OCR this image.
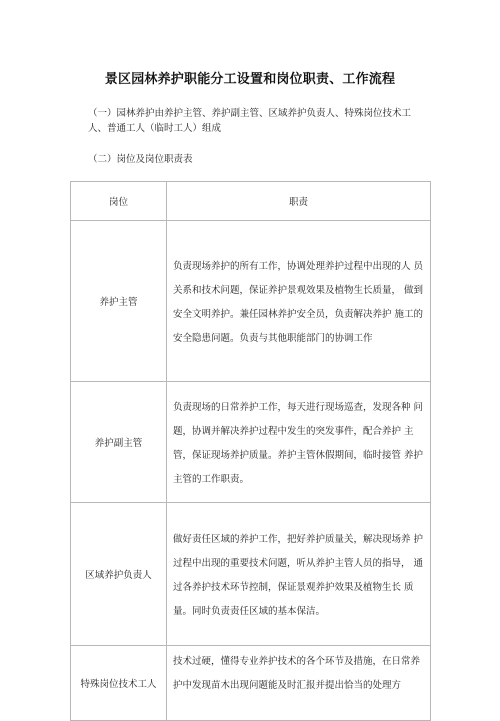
景区园林养护职能分工设置和岗位职责、工作流程
（一）园林养护由养护主管、养护副主管、区域养护负责人、特殊岗位技术工人、普通工人（临时工人）组成
（二）岗位及岗位职责表
岗位	职责
养护主管	负责现场养护的所有工作，协调处理养护过程中出现的人 员关系和技术问题，保证养护景观效果及植物生长质量， 做到安全文明养护。兼任园林养护安全员，负责解决养护 施工的安全隐患问题。负责与其他职能部门的协调工作
养护副主管	负责现场的日常养护工作，每天进行现场巡查，发现各种 问题，协调并解决养护过程中发生的突发事件，配合养护 主管，保证现场养护质量。养护主管休假期间，临时接管 养护主管的工作职责。
区域养护负责人	做好责任区域的养护工作，把好养护质量关，解决现场养 护过程中出现的重要技术问题，听从养护主管人员的指导， 通过各养护技术环节控制，保证景观养护效果及植物生长 质量。同时负责责任区域的基本保洁。
特殊岗位技术工人	技术过硬，懂得专业养护技术的各个环节及措施，在日常养护中发现苗木出现问题能及时汇报并提出恰当的处理方
